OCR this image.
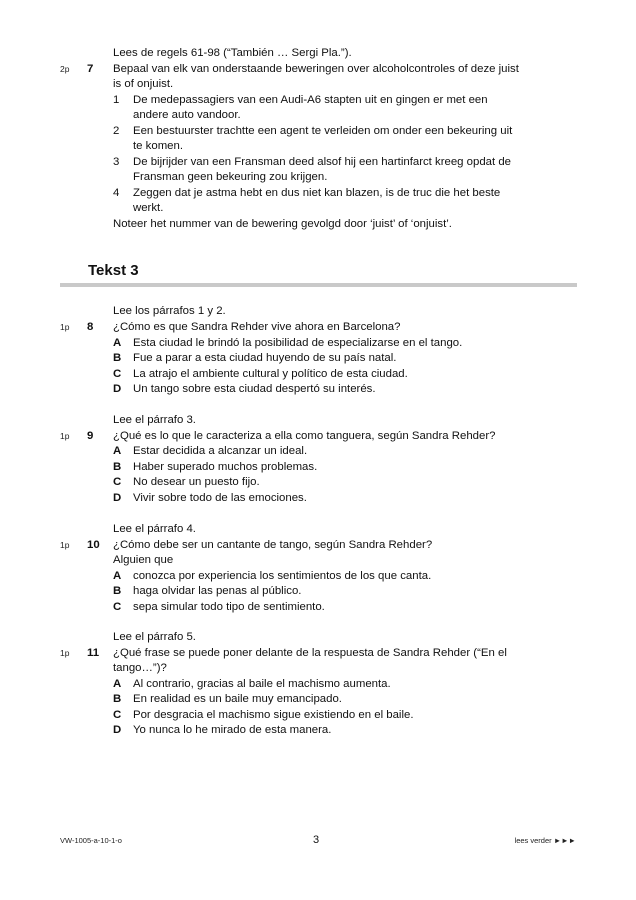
Lees de regels 61-98 (“También … Sergi Pla.”).
2p 7 Bepaal van elk van onderstaande beweringen over alcoholcontroles of deze juist
is of onjuist.
1 De medepassagiers van een Audi-A6 stapten uit en gingen er met een
andere auto vandoor.
2 Een bestuurster trachtte een agent te verleiden om onder een bekeuring uit
te komen.
3 De bijrijder van een Fransman deed alsof hij een hartinfarct kreeg opdat de
Fransman geen bekeuring zou krijgen.
4 Zeggen dat je astma hebt en dus niet kan blazen, is de truc die het beste
werkt.
Noteer het nummer van de bewering gevolgd door ‘juist’ of ‘onjuist’.
Tekst 3
Lee los párrafos 1 y 2.
1p 8 ¿Cómo es que Sandra Rehder vive ahora en Barcelona?
A Esta ciudad le brindó la posibilidad de especializarse en el tango.
B Fue a parar a esta ciudad huyendo de su país natal.
C La atrajo el ambiente cultural y político de esta ciudad.
D Un tango sobre esta ciudad despertó su interés.
Lee el párrafo 3.
1p 9 ¿Qué es lo que le caracteriza a ella como tanguera, según Sandra Rehder?
A Estar decidida a alcanzar un ideal.
B Haber superado muchos problemas.
C No desear un puesto fijo.
D Vivir sobre todo de las emociones.
Lee el párrafo 4.
1p 10 ¿Cómo debe ser un cantante de tango, según Sandra Rehder?
Alguien que
A conozca por experiencia los sentimientos de los que canta.
B haga olvidar las penas al público.
C sepa simular todo tipo de sentimiento.
Lee el párrafo 5.
1p 11 ¿Qué frase se puede poner delante de la respuesta de Sandra Rehder (“En el
tango…”)?
A Al contrario, gracias al baile el machismo aumenta.
B En realidad es un baile muy emancipado.
C Por desgracia el machismo sigue existiendo en el baile.
D Yo nunca lo he mirado de esta manera.
VW-1005-a-10-1-o	3	lees verder ►►►
